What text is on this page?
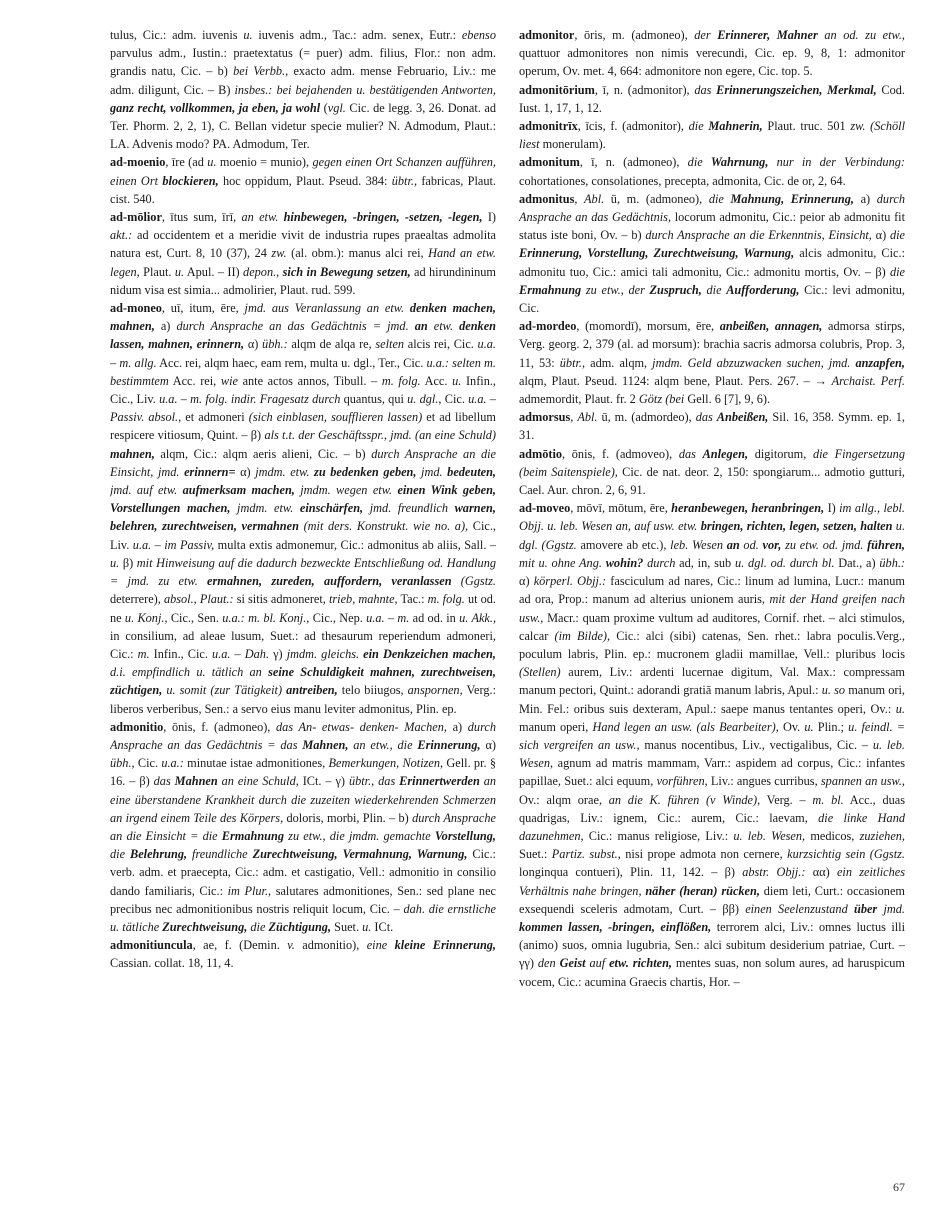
tulus, Cic.: adm. iuvenis u. iuvenis adm., Tac.: adm. senex, Eutr.: ebenso parvulus adm., Iustin.: praetextatus (= puer) adm. filius, Flor.: non adm. grandis natu, Cic. – b) bei Verbb., exacto adm. mense Februario, Liv.: me adm. diligunt, Cic. – B) insbes.: bei bejahenden u. bestätigenden Antworten, ganz recht, vollkommen, ja eben, ja wohl (vgl. Cic. de legg. 3, 26. Donat. ad Ter. Phorm. 2, 2, 1), C. Bellan videtur specie mulier? N. Admodum, Plaut.: LA. Advenis modo? PA. Admodum, Ter.

ad-moenio, īre (ad u. moenio = munio), gegen einen Ort Schanzen aufführen, einen Ort blockieren, hoc oppidum, Plaut. Pseud. 384: übtr., fabricas, Plaut. cist. 540.

ad-mōlior, ītus sum, īrī, an etw. hinbewegen, -bringen, -setzen, -legen, I) akt.: ad occidentem et a meridie vivit de industria rupes praealtas admolita natura est, Curt. 8, 10 (37), 24 zw. (al. obm.): manus alci rei, Hand an etw. legen, Plaut. u. Apul. – II) depon., sich in Bewegung setzen, ad hirundininum nidum visa est simia... admolirier, Plaut. rud. 599.

ad-moneo, uī, itum, ēre, jmd. aus Veranlassung an etw. denken machen, mahnen, a) durch Ansprache an das Gedächtnis = jmd. an etw. denken lassen, mahnen, erinnern, α) übh.: alqm de alqa re, selten alcis rei, Cic. u.a. – m. allg. Acc. rei, alqm haec, eam rem, multa u. dgl., Ter., Cic. u.a.: selten m. bestimmtem Acc. rei, wie ante actos annos, Tibull. – m. folg. Acc. u. Infin., Cic., Liv. u.a. – m. folg. indir. Fragesatz durch quantus, qui u. dgl., Cic. u.a. – Passiv. absol., et admoneri (sich einblasen, soufflieren lassen) et ad libellum respicere vitiosum, Quint. – β) als t.t. der Geschäftsspr., jmd. (an eine Schuld) mahnen, alqm, Cic.: alqm aeris alieni, Cic. – b) durch Ansprache an die Einsicht, jmd. erinnern= α) jmdm. etw. zu bedenken geben, jmd. bedeuten, jmd. auf etw. aufmerksam machen, jmdm. wegen etw. einen Wink geben, Vorstellungen machen, jmdm. etw. einschärfen, jmd. freundlich warnen, belehren, zurechtweisen, vermahnen (mit ders. Konstrukt. wie no. a), Cic., Liv. u.a. – im Passiv, multa extis admonemur, Cic.: admonitus ab aliis, Sall. – u. β) mit Hinweisung auf die dadurch bezweckte Entschließung od. Handlung = jmd. zu etw. ermahnen, zureden, auffordern, veranlassen (Ggstz. deterrere), absol., Plaut.: si sitis admoneret, trieb, mahnte, Tac.: m. folg. ut od. ne u. Konj., Cic., Sen. u.a.: m. bl. Konj., Cic., Nep. u.a. – m. ad od. in u. Akk., in consilium, ad aleae lusum, Suet.: ad thesaurum reperiendum admoneri, Cic.: m. Infin., Cic. u.a. – Dah. γ) jmdm. gleichs. ein Denkzeichen machen, d.i. empfindlich u. tätlich an seine Schuldigkeit mahnen, zurechtweisen, züchtigen, u. somit (zur Tätigkeit) antreiben, telo biiugos, anspornen, Verg.: liberos verberibus, Sen.: a servo eius manu leviter admonitus, Plin. ep.

admonitio, ōnis, f. (admoneo), das An- etwas- denken- Machen, a) durch Ansprache an das Gedächtnis = das Mahnen, an etw., die Erinnerung, α) übh., Cic. u.a.: minutae istae admonitiones, Bemerkungen, Notizen, Gell. pr. § 16. – β) das Mahnen an eine Schuld, ICt. – γ) übtr., das Erinnertwerden an eine überstandene Krankheit durch die zuzeiten wiederkehrenden Schmerzen an irgend einem Teile des Körpers, doloris, morbi, Plin. – b) durch Ansprache an die Einsicht = die Ermahnung zu etw., die jmdm. gemachte Vorstellung, die Belehrung, freundliche Zurechtweisung, Vermahnung, Warnung, Cic.: verb. adm. et praecepta, Cic.: adm. et castigatio, Vell.: admonitio in consilio dando familiaris, Cic.: im Plur., salutares admonitiones, Sen.: sed plane nec precibus nec admonitionibus nostris reliquit locum, Cic. – dah. die ernstliche u. tätliche Zurechtweisung, die Züchtigung, Suet. u. ICt.

admonitiuncula, ae, f. (Demin. v. admonitio), eine kleine Erinnerung, Cassian. collat. 18, 11, 4.

admonitor, ōris, m. (admoneo), der Erinnerer, Mahner an od. zu etw., quattuor admonitores non nimis verecundi, Cic. ep. 9, 8, 1: admonitor operum, Ov. met. 4, 664: admonitore non egere, Cic. top. 5.

admonitōrium, ī, n. (admonitor), das Erinnerungszeichen, Merkmal, Cod. Iust. 1, 17, 1, 12.

admonitrīx, īcis, f. (admonitor), die Mahnerin, Plaut. truc. 501 zw. (Schöll liest monerulam).

admonitum, ī, n. (admoneo), die Wahrnung, nur in der Verbindung: cohortationes, consolationes, precepta, admonita, Cic. de or, 2, 64.

admonitus, Abl. ū, m. (admoneo), die Mahnung, Erinnerung, a) durch Ansprache an das Gedächtnis, locorum admonitu, Cic.: peior ab admonitu fit status iste boni, Ov. – b) durch Ansprache an die Erkenntnis, Einsicht, α) die Erinnerung, Vorstellung, Zurechtweisung, Warnung, alcis admonitu, Cic.: admonitu tuo, Cic.: amici tali admonitu, Cic.: admonitu mortis, Ov. – β) die Ermahnung zu etw., der Zuspruch, die Aufforderung, Cic.: levi admonitu, Cic.

ad-mordeo, (momordī), morsum, ēre, anbeißen, annagen, admorsa stirps, Verg. georg. 2, 379 (al. ad morsum): brachia sacris admorsa colubris, Prop. 3, 11, 53: übtr., adm. alqm, jmdm. Geld abzuzwacken suchen, jmd. anzapfen, alqm, Plaut. Pseud. 1124: alqm bene, Plaut. Pers. 267. – → Archaist. Perf. admemordit, Plaut. fr. 2 Götz (bei Gell. 6 [7], 9, 6).

admorsus, Abl. ū, m. (admordeo), das Anbeißen, Sil. 16, 358. Symm. ep. 1, 31.

admōtio, ōnis, f. (admoveo), das Anlegen, digitorum, die Fingersetzung (beim Saitenspiele), Cic. de nat. deor. 2, 150: spongiarum... admotio gutturi, Cael. Aur. chron. 2, 6, 91.

ad-moveo, mōvī, mōtum, ēre, heranbewegen, heranbringen, I) im allg., lebl. Objj. u. leb. Wesen an, auf usw. etw. bringen, richten, legen, setzen, halten u. dgl. (Ggstz. amovere ab etc.), leb. Wesen an od. vor, zu etw. od. jmd. führen, mit u. ohne Ang. wohin? durch ad, in, sub u. dgl. od. durch bl. Dat., a) übh.: α) körperl. Objj.: fasciculum ad nares, Cic.: linum ad lumina, Lucr.: manum ad ora, Prop.: manum ad alterius unionem auris, mit der Hand greifen nach usw., Macr.: quam proxime vultum ad auditores, Cornif. rhet. – alci stimulos, calcar (im Bilde), Cic.: alci (sibi) catenas, Sen. rhet.: labra poculis.Verg., poculum labris, Plin. ep.: mucronem gladii mamillae, Vell.: pluribus locis (Stellen) aurem, Liv.: ardenti lucernae digitum, Val. Max.: compressam manum pectori, Quint.: adorandi gratiā manum labris, Apul.: u. so manum ori, Min. Fel.: oribus suis dexteram, Apul.: saepe manus tentantes operi, Ov.: u. manum operi, Hand legen an usw. (als Bearbeiter), Ov. u. Plin.; u. feindl. = sich vergreifen an usw., manus nocentibus, Liv., vectigalibus, Cic. – u. leb. Wesen, agnum ad matris mammam, Varr.: aspidem ad corpus, Cic.: infantes papillae, Suet.: alci equum, vorführen, Liv.: angues curribus, spannen an usw., Ov.: alqm orae, an die K. führen (v Winde), Verg. – m. bl. Acc., duas quadrigas, Liv.: ignem, Cic.: aurem, Cic.: laevam, die linke Hand dazunehmen, Cic.: manus religiose, Liv.: u. leb. Wesen, medicos, zuziehen, Suet.: Partiz. subst., nisi prope admota non cernere, kurzsichtig sein (Ggstz. longinqua contueri), Plin. 11, 142. – β) abstr. Objj.: αα) ein zeitliches Verhältnis nahe bringen, näher (heran) rücken, diem leti, Curt.: occasionem exsequendi sceleris admotam, Curt. – ββ) einen Seelenzustand über jmd. kommen lassen, -bringen, einflößen, terrorem alci, Liv.: omnes luctus illi (animo) suos, omnia lugubria, Sen.: alci subitum desiderium patriae, Curt. – γγ) den Geist auf etw. richten, mentes suas, non solum aures, ad haruspicum vocem, Cic.: acumina Graecis chartis, Hor. –

67
